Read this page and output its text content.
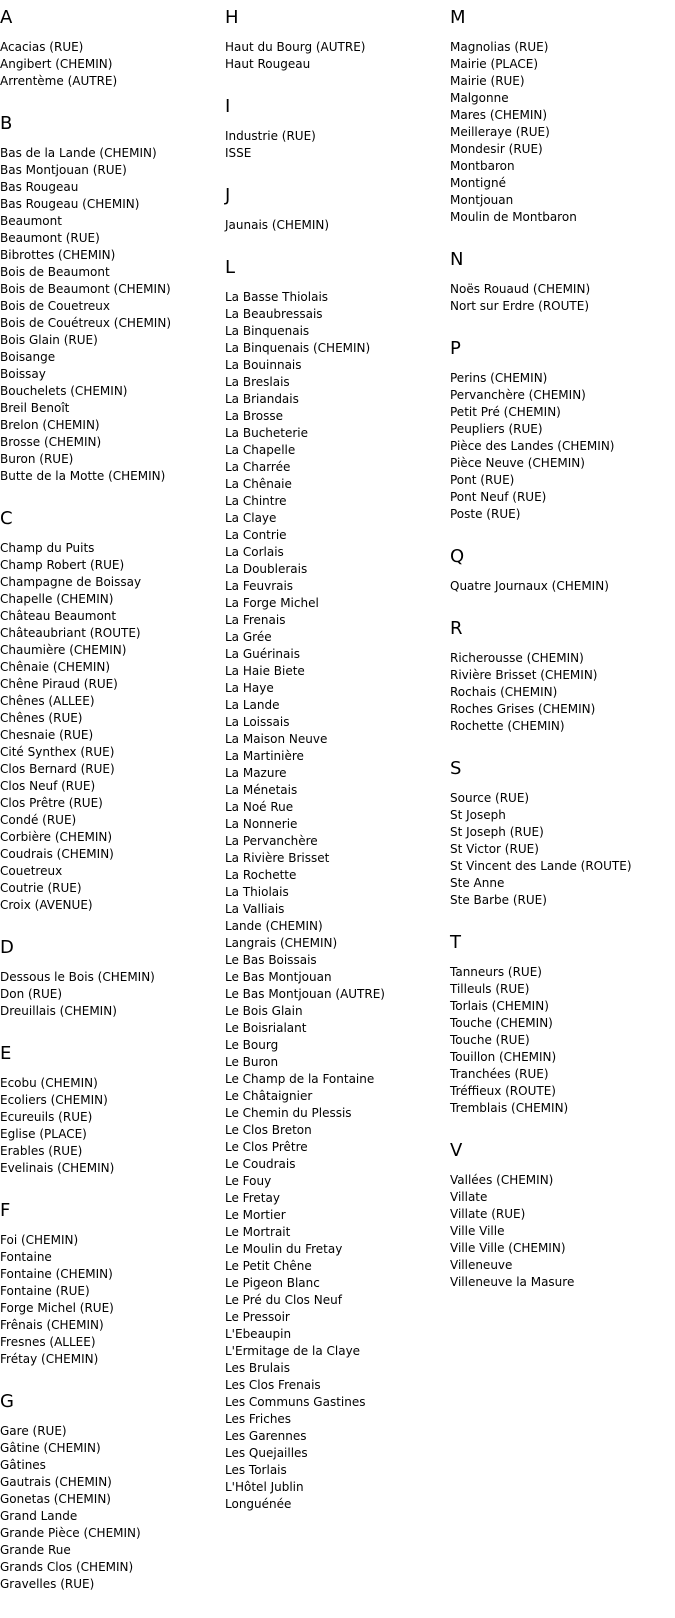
A
Acacias (RUE)
Angibert (CHEMIN)
Arrentème (AUTRE)
B
Bas de la Lande (CHEMIN)
Bas Montjouan (RUE)
Bas Rougeau
Bas Rougeau (CHEMIN)
Beaumont
Beaumont (RUE)
Bibrottes (CHEMIN)
Bois de Beaumont
Bois de Beaumont (CHEMIN)
Bois de Couetreux
Bois de Couétreux (CHEMIN)
Bois Glain (RUE)
Boisange
Boissay
Bouchelets (CHEMIN)
Breil Benoît
Brelon (CHEMIN)
Brosse (CHEMIN)
Buron (RUE)
Butte de la Motte (CHEMIN)
C
Champ du Puits
Champ Robert (RUE)
Champagne de Boissay
Chapelle (CHEMIN)
Château Beaumont
Châteaubriant (ROUTE)
Chaumière (CHEMIN)
Chênaie (CHEMIN)
Chêne Piraud (RUE)
Chênes (ALLEE)
Chênes (RUE)
Chesnaie (RUE)
Cité Synthex (RUE)
Clos Bernard (RUE)
Clos Neuf (RUE)
Clos Prêtre (RUE)
Condé (RUE)
Corbière (CHEMIN)
Coudrais (CHEMIN)
Couetreux
Coutrie (RUE)
Croix (AVENUE)
D
Dessous le Bois (CHEMIN)
Don (RUE)
Dreuillais (CHEMIN)
E
Ecobu (CHEMIN)
Ecoliers (CHEMIN)
Ecureuils (RUE)
Eglise (PLACE)
Erables (RUE)
Evelinais (CHEMIN)
F
Foi (CHEMIN)
Fontaine
Fontaine (CHEMIN)
Fontaine (RUE)
Forge Michel (RUE)
Frênais (CHEMIN)
Fresnes (ALLEE)
Frétay (CHEMIN)
G
Gare (RUE)
Gâtine (CHEMIN)
Gâtines
Gautrais (CHEMIN)
Gonetas (CHEMIN)
Grand Lande
Grande Pièce (CHEMIN)
Grande Rue
Grands Clos (CHEMIN)
Gravelles (RUE)
H
Haut du Bourg (AUTRE)
Haut Rougeau
I
Industrie (RUE)
ISSE
J
Jaunais (CHEMIN)
L
La Basse Thiolais
La Beaubressais
La Binquenais
La Binquenais (CHEMIN)
La Bouinnais
La Breslais
La Briandais
La Brosse
La Bucheterie
La Chapelle
La Charrée
La Chênaie
La Chintre
La Claye
La Contrie
La Corlais
La Doublerais
La Feuvrais
La Forge Michel
La Frenais
La Grée
La Guérinais
La Haie Biete
La Haye
La Lande
La Loissais
La Maison Neuve
La Martinière
La Mazure
La Ménetais
La Noé Rue
La Nonnerie
La Pervanchère
La Rivière Brisset
La Rochette
La Thiolais
La Valliais
Lande (CHEMIN)
Langrais (CHEMIN)
Le Bas Boissais
Le Bas Montjouan
Le Bas Montjouan (AUTRE)
Le Bois Glain
Le Boisrialant
Le Bourg
Le Buron
Le Champ de la Fontaine
Le Châtaignier
Le Chemin du Plessis
Le Clos Breton
Le Clos Prêtre
Le Coudrais
Le Fouy
Le Fretay
Le Mortier
Le Mortrait
Le Moulin du Fretay
Le Petit Chêne
Le Pigeon Blanc
Le Pré du Clos Neuf
Le Pressoir
L'Ebeaupin
L'Ermitage de la Claye
Les Brulais
Les Clos Frenais
Les Communs Gastines
Les Friches
Les Garennes
Les Quejailles
Les Torlais
L'Hôtel Jublin
Longuénée
M
Magnolias (RUE)
Mairie (PLACE)
Mairie (RUE)
Malgonne
Mares (CHEMIN)
Meilleraye (RUE)
Mondesir (RUE)
Montbaron
Montigné
Montjouan
Moulin de Montbaron
N
Noës Rouaud (CHEMIN)
Nort sur Erdre (ROUTE)
P
Perins (CHEMIN)
Pervanchère (CHEMIN)
Petit Pré (CHEMIN)
Peupliers (RUE)
Pièce des Landes (CHEMIN)
Pièce Neuve (CHEMIN)
Pont (RUE)
Pont Neuf (RUE)
Poste (RUE)
Q
Quatre Journaux (CHEMIN)
R
Richerousse (CHEMIN)
Rivière Brisset (CHEMIN)
Rochais (CHEMIN)
Roches Grises (CHEMIN)
Rochette (CHEMIN)
S
Source (RUE)
St Joseph
St Joseph (RUE)
St Victor (RUE)
St Vincent des Lande (ROUTE)
Ste Anne
Ste Barbe (RUE)
T
Tanneurs (RUE)
Tilleuls (RUE)
Torlais (CHEMIN)
Touche (CHEMIN)
Touche (RUE)
Touillon (CHEMIN)
Tranchées (RUE)
Tréffieux (ROUTE)
Tremblais (CHEMIN)
V
Vallées (CHEMIN)
Villate
Villate (RUE)
Ville Ville
Ville Ville (CHEMIN)
Villeneuve
Villeneuve la Masure
